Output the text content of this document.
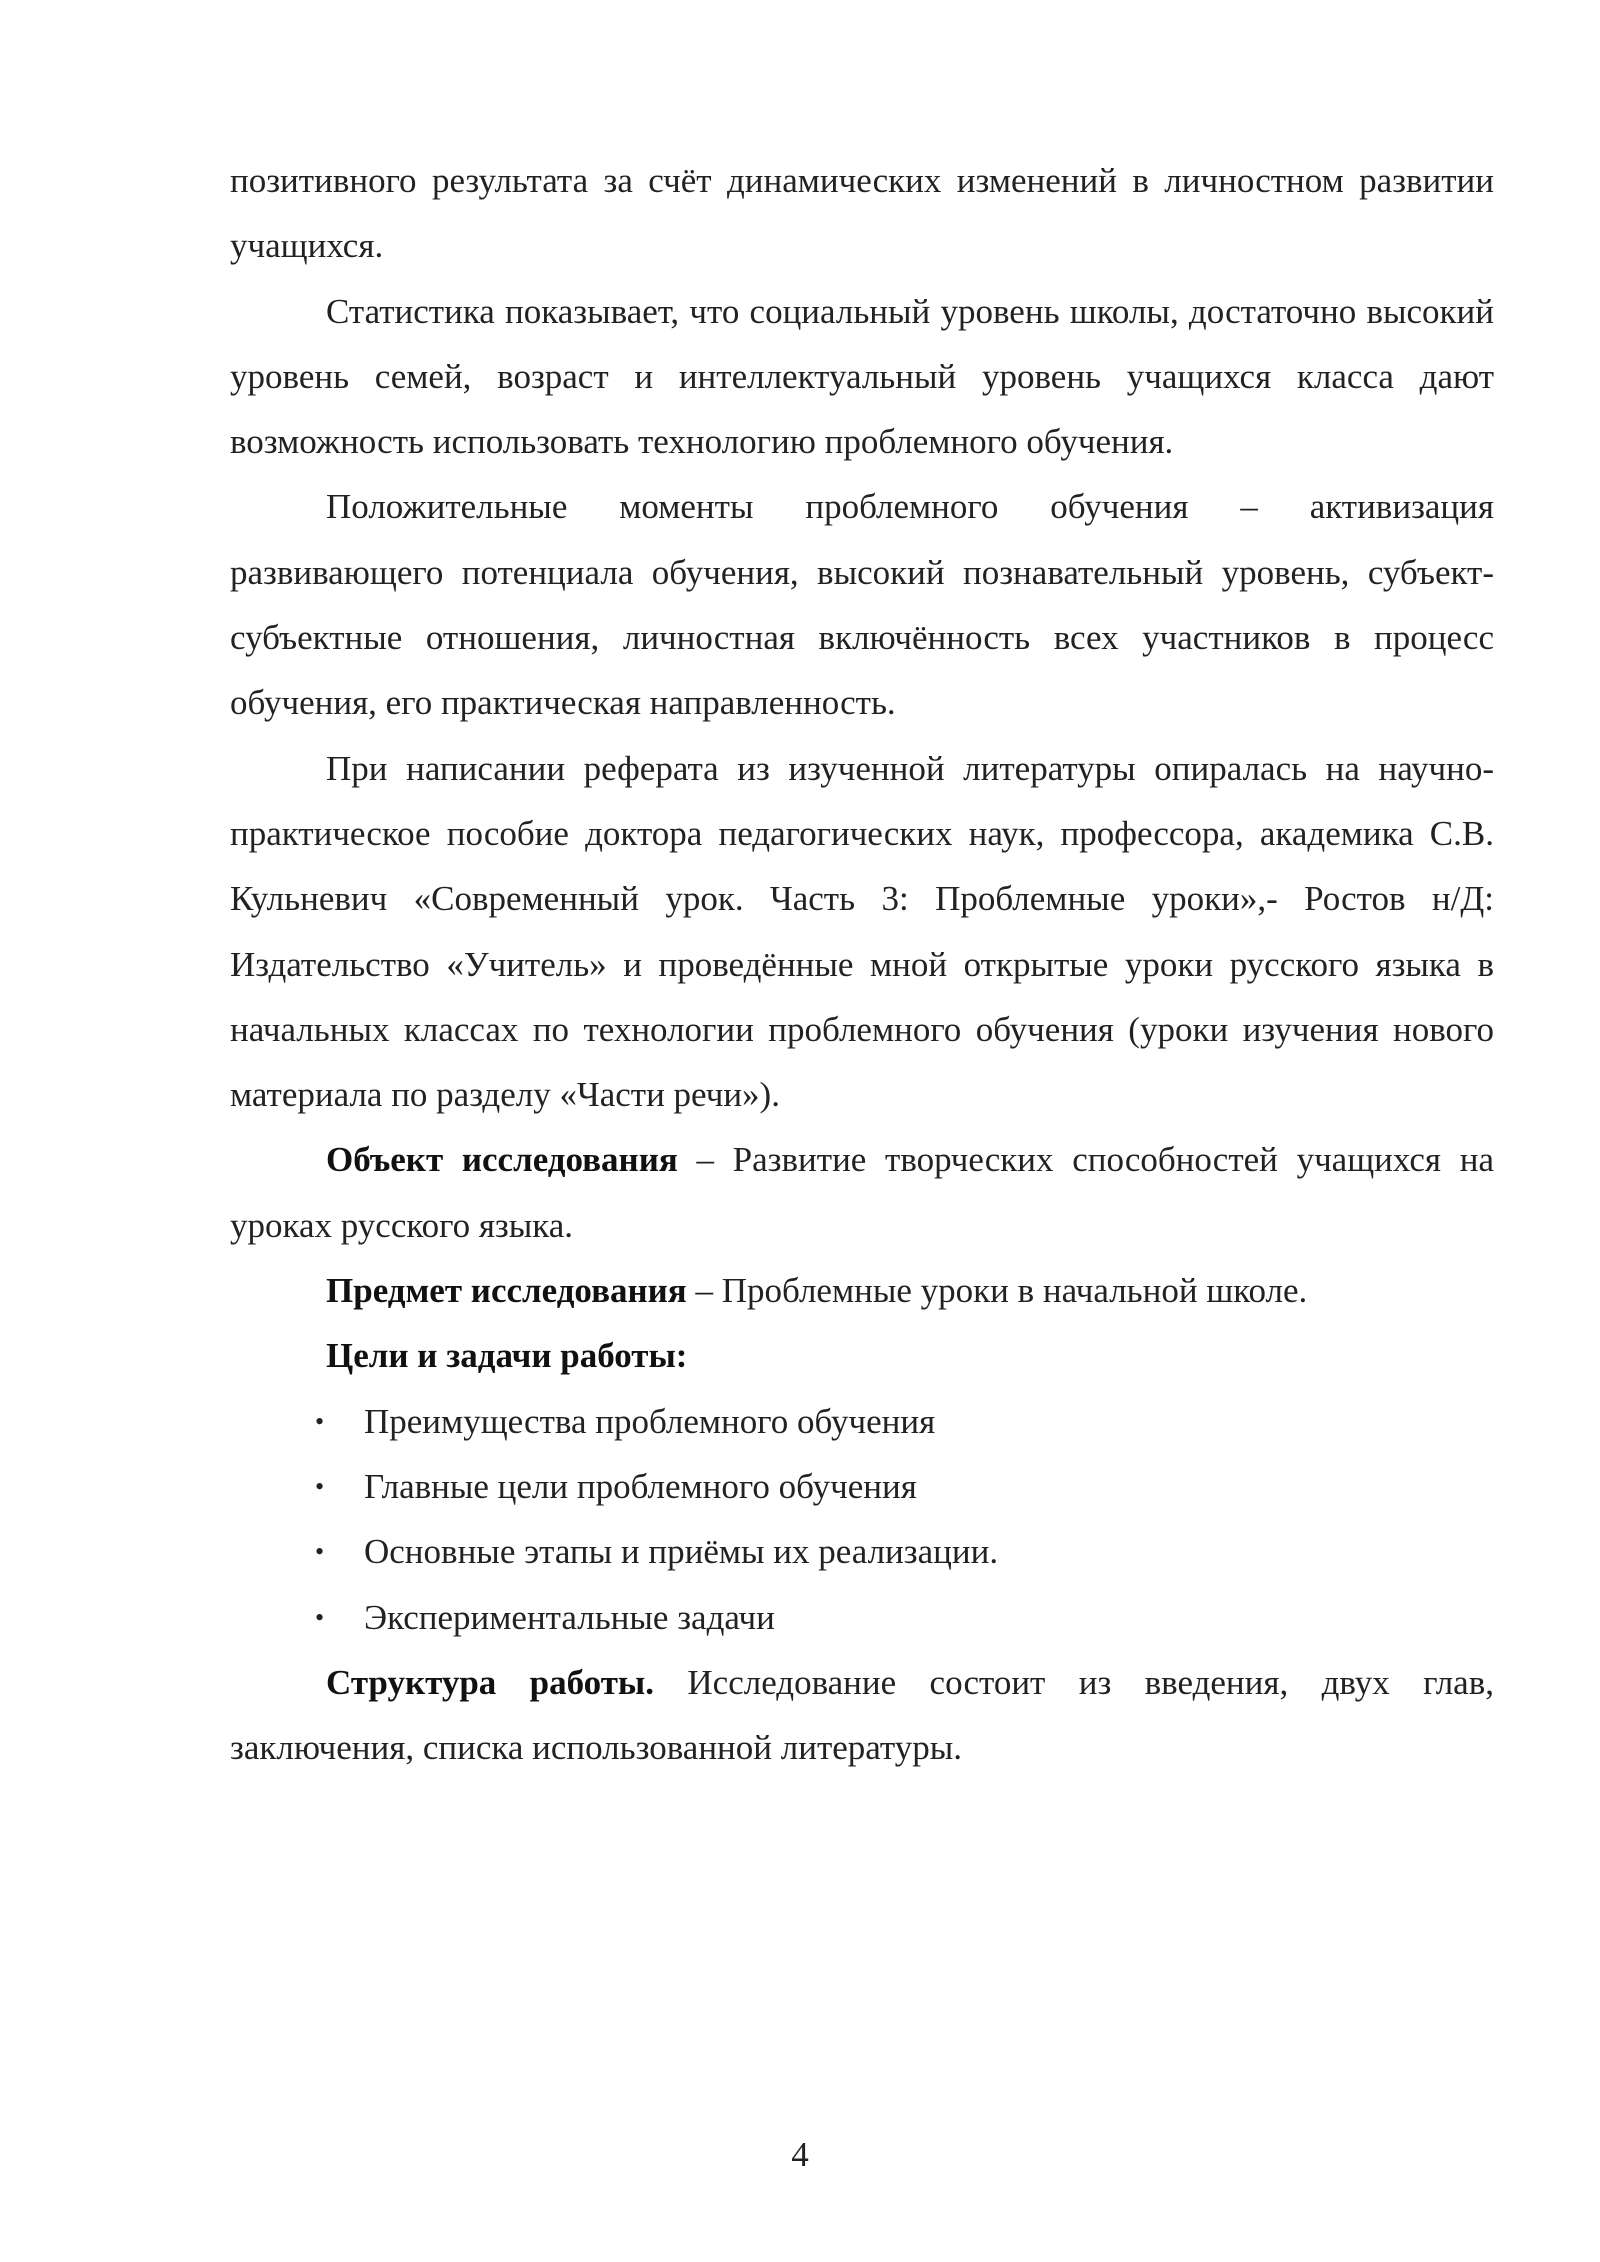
позитивного результата за счёт динамических изменений в личностном развитии учащихся.

Статистика показывает, что социальный уровень школы, достаточно высокий уровень семей, возраст и интеллектуальный уровень учащихся класса дают возможность использовать технологию проблемного обучения.

Положительные моменты проблемного обучения – активизация развивающего потенциала обучения, высокий познавательный уровень, субъект-субъектные отношения, личностная включённость всех участников в процесс обучения, его практическая направленность.

При написании реферата из изученной литературы опиралась на научно-практическое пособие доктора педагогических наук, профессора, академика С.В. Кульневич «Современный урок. Часть 3: Проблемные уроки»,- Ростов н/Д: Издательство «Учитель» и проведённые мной открытые уроки русского языка в начальных классах по технологии проблемного обучения (уроки изучения нового материала по разделу «Части речи»).

Объект исследования – Развитие творческих способностей учащихся на уроках русского языка.

Предмет исследования – Проблемные уроки в начальной школе.

Цели и задачи работы:

• Преимущества проблемного обучения
• Главные цели проблемного обучения
• Основные этапы и приёмы их реализации.
• Экспериментальные задачи

Структура работы. Исследование состоит из введения, двух глав, заключения, списка использованной литературы.

4
